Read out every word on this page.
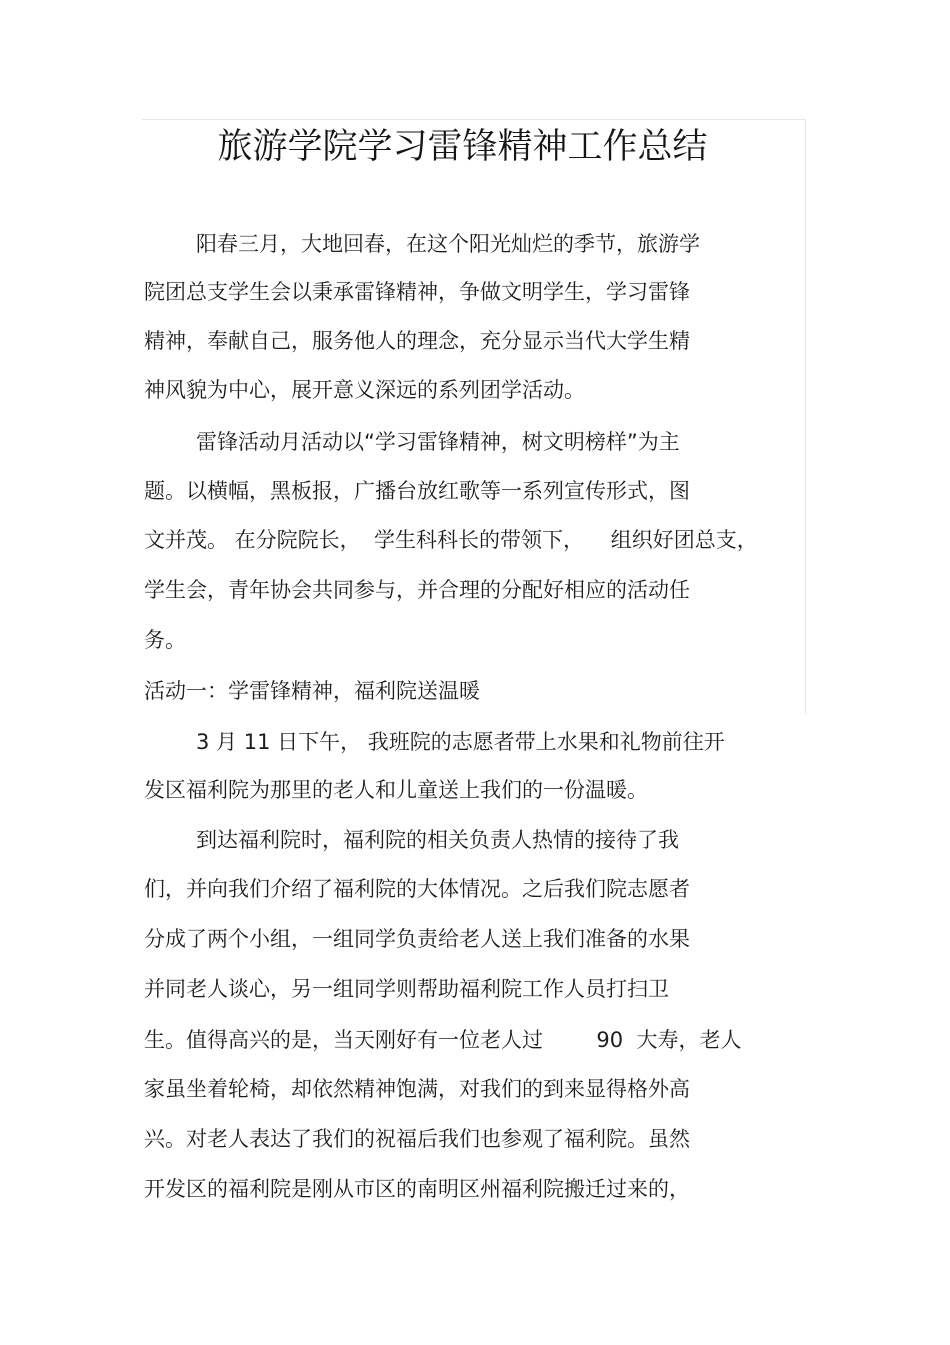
旅游学院学习雷锋精神工作总结
阳春三月，大地回春，在这个阳光灿烂的季节，旅游学
院团总支学生会以秉承雷锋精神，争做文明学生，学习雷锋
精神，奉献自己，服务他人的理念，充分显示当代大学生精
神风貌为中心，展开意义深远的系列团学活动。
雷锋活动月活动以“学习雷锋精神，树文明榜样”为主
题。以横幅，黑板报，广播台放红歌等一系列宣传形式，图
文并茂。 在分院院长，  学生科科长的带领下，    组织好团总支，
学生会，青年协会共同参与，并合理的分配好相应的活动任
务。
活动一：学雷锋精神，福利院送温暖
3 月 11 日下午， 我班院的志愿者带上水果和礼物前往开
发区福利院为那里的老人和儿童送上我们的一份温暖。
到达福利院时，福利院的相关负责人热情的接待了我
们，并向我们介绍了福利院的大体情况。之后我们院志愿者
分成了两个小组，一组同学负责给老人送上我们准备的水果
并同老人谈心，另一组同学则帮助福利院工作人员打扫卫
生。值得高兴的是，当天刚好有一位老人过        90  大寿，老人
家虽坐着轮椅，却依然精神饱满，对我们的到来显得格外高
兴。对老人表达了我们的祝福后我们也参观了福利院。虽然
开发区的福利院是刚从市区的南明区州福利院搬迁过来的，
